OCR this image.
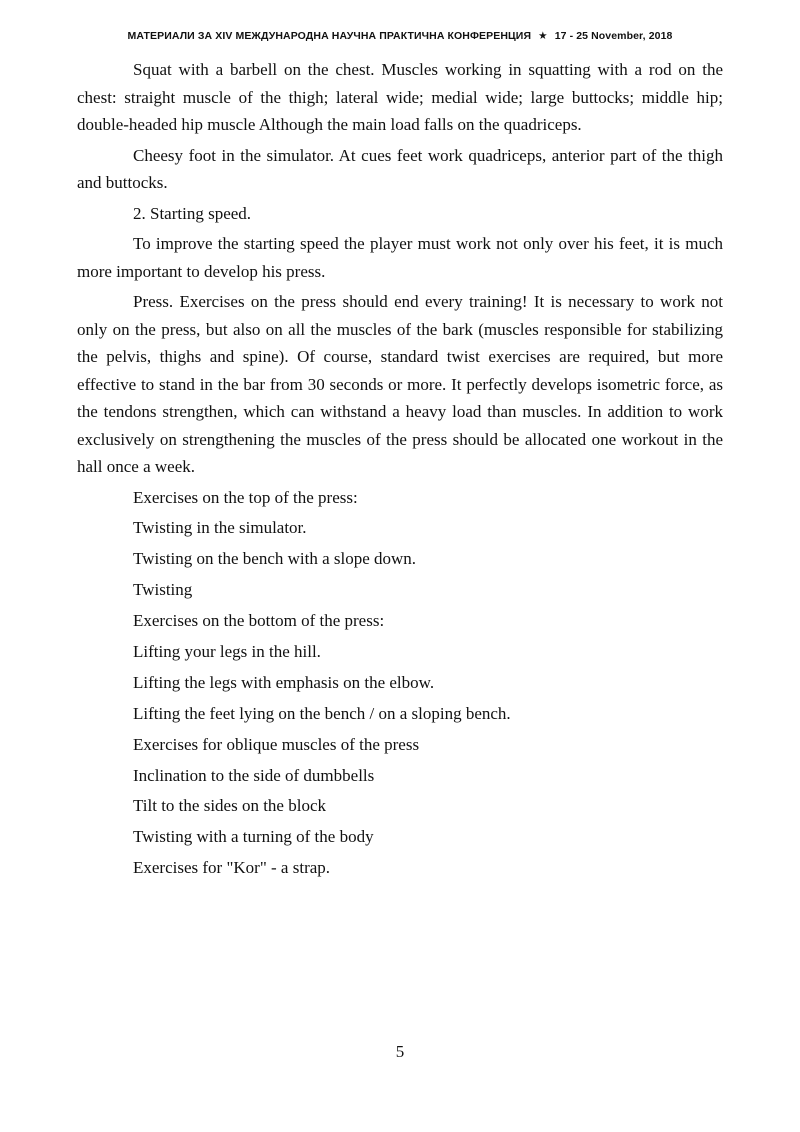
МАТЕРИАЛИ ЗА XIV МЕЖДУНАРОДНА НАУЧНА ПРАКТИЧНА КОНФЕРЕНЦИЯ ★ 17 - 25 November, 2018

Squat with a barbell on the chest. Muscles working in squatting with a rod on the chest: straight muscle of the thigh; lateral wide; medial wide; large buttocks; middle hip; double-headed hip muscle Although the main load falls on the quadriceps.

Cheesy foot in the simulator. At cues feet work quadriceps, anterior part of the thigh and buttocks.

2. Starting speed.

To improve the starting speed the player must work not only over his feet, it is much more important to develop his press.

Press. Exercises on the press should end every training! It is necessary to work not only on the press, but also on all the muscles of the bark (muscles responsible for stabilizing the pelvis, thighs and spine). Of course, standard twist exercises are required, but more effective to stand in the bar from 30 seconds or more. It perfectly develops isometric force, as the tendons strengthen, which can withstand a heavy load than muscles. In addition to work exclusively on strengthening the muscles of the press should be allocated one workout in the hall once a week.

Exercises on the top of the press:
Twisting in the simulator.
Twisting on the bench with a slope down.
Twisting
Exercises on the bottom of the press:
Lifting your legs in the hill.
Lifting the legs with emphasis on the elbow.
Lifting the feet lying on the bench / on a sloping bench.
Exercises for oblique muscles of the press
Inclination to the side of dumbbells
Tilt to the sides on the block
Twisting with a turning of the body
Exercises for "Kor" - a strap.
5
